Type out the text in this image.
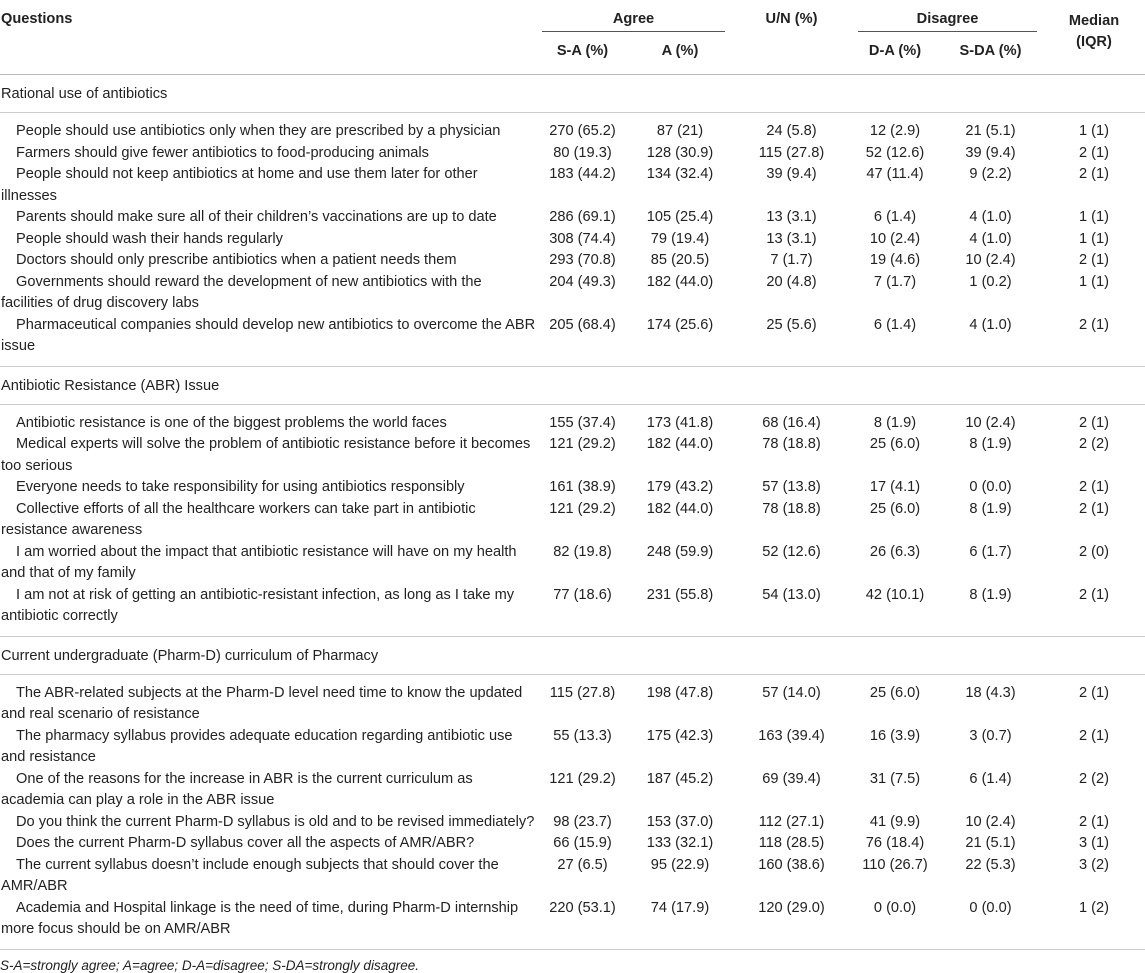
Questions	Agree		U/N (%)	Disagree		Median
(IQR)

	S-A (%)	A (%)		D-A (%)	S-DA (%)	
Rational use of antibiotics						

People should use antibiotics only when they are prescribed by a physician	270 (65.2)	87 (21)	24 (5.8)	12 (2.9)	21 (5.1)	1 (1)

Farmers should give fewer antibiotics to food-producing animals	80 (19.3)	128 (30.9)	115 (27.8)	52 (12.6)	39 (9.4)	2 (1)

People should not keep antibiotics at home and use them later for other illnesses	183 (44.2)	134 (32.4)	39 (9.4)	47 (11.4)	9 (2.2)	2 (1)

Parents should make sure all of their children’s vaccinations are up to date	286 (69.1)	105 (25.4)	13 (3.1)	6 (1.4)	4 (1.0)	1 (1)

People should wash their hands regularly	308 (74.4)	79 (19.4)	13 (3.1)	10 (2.4)	4 (1.0)	1 (1)

Doctors should only prescribe antibiotics when a patient needs them	293 (70.8)	85 (20.5)	7 (1.7)	19 (4.6)	10 (2.4)	2 (1)

Governments should reward the development of new antibiotics with the facilities of drug discovery labs	204 (49.3)	182 (44.0)	20 (4.8)	7 (1.7)	1 (0.2)	1 (1)

Pharmaceutical companies should develop new antibiotics to overcome the ABR issue	205 (68.4)	174 (25.6)	25 (5.6)	6 (1.4)	4 (1.0)	2 (1)

Antibiotic Resistance (ABR) Issue						

Antibiotic resistance is one of the biggest problems the world faces	155 (37.4)	173 (41.8)	68 (16.4)	8 (1.9)	10 (2.4)	2 (1)

Medical experts will solve the problem of antibiotic resistance before it becomes too serious	121 (29.2)	182 (44.0)	78 (18.8)	25 (6.0)	8 (1.9)	2 (2)

Everyone needs to take responsibility for using antibiotics responsibly	161 (38.9)	179 (43.2)	57 (13.8)	17 (4.1)	0 (0.0)	2 (1)

Collective efforts of all the healthcare workers can take part in antibiotic resistance awareness	121 (29.2)	182 (44.0)	78 (18.8)	25 (6.0)	8 (1.9)	2 (1)

I am worried about the impact that antibiotic resistance will have on my health and that of my family	82 (19.8)	248 (59.9)	52 (12.6)	26 (6.3)	6 (1.7)	2 (0)

I am not at risk of getting an antibiotic-resistant infection, as long as I take my antibiotic correctly	77 (18.6)	231 (55.8)	54 (13.0)	42 (10.1)	8 (1.9)	2 (1)

Current undergraduate (Pharm-D) curriculum of Pharmacy						

The ABR-related subjects at the Pharm-D level need time to know the updated and real scenario of resistance	115 (27.8)	198 (47.8)	57 (14.0)	25 (6.0)	18 (4.3)	2 (1)

The pharmacy syllabus provides adequate education regarding antibiotic use and resistance	55 (13.3)	175 (42.3)	163 (39.4)	16 (3.9)	3 (0.7)	2 (1)

One of the reasons for the increase in ABR is the current curriculum as academia can play a role in the ABR issue	121 (29.2)	187 (45.2)	69 (39.4)	31 (7.5)	6 (1.4)	2 (2)

Do you think the current Pharm-D syllabus is old and to be revised immediately?	98 (23.7)	153 (37.0)	112 (27.1)	41 (9.9)	10 (2.4)	2 (1)

Does the current Pharm-D syllabus cover all the aspects of AMR/ABR?	66 (15.9)	133 (32.1)	118 (28.5)	76 (18.4)	21 (5.1)	3 (1)

The current syllabus doesn’t include enough subjects that should cover the AMR/ABR	27 (6.5)	95 (22.9)	160 (38.6)	110 (26.7)	22 (5.3)	3 (2)

Academia and Hospital linkage is the need of time, during Pharm-D internship more focus should be on AMR/ABR	220 (53.1)	74 (17.9)	120 (29.0)	0 (0.0)	0 (0.0)	1 (2)

S-A=strongly agree; A=agree; D-A=disagree; S-DA=strongly disagree.						
